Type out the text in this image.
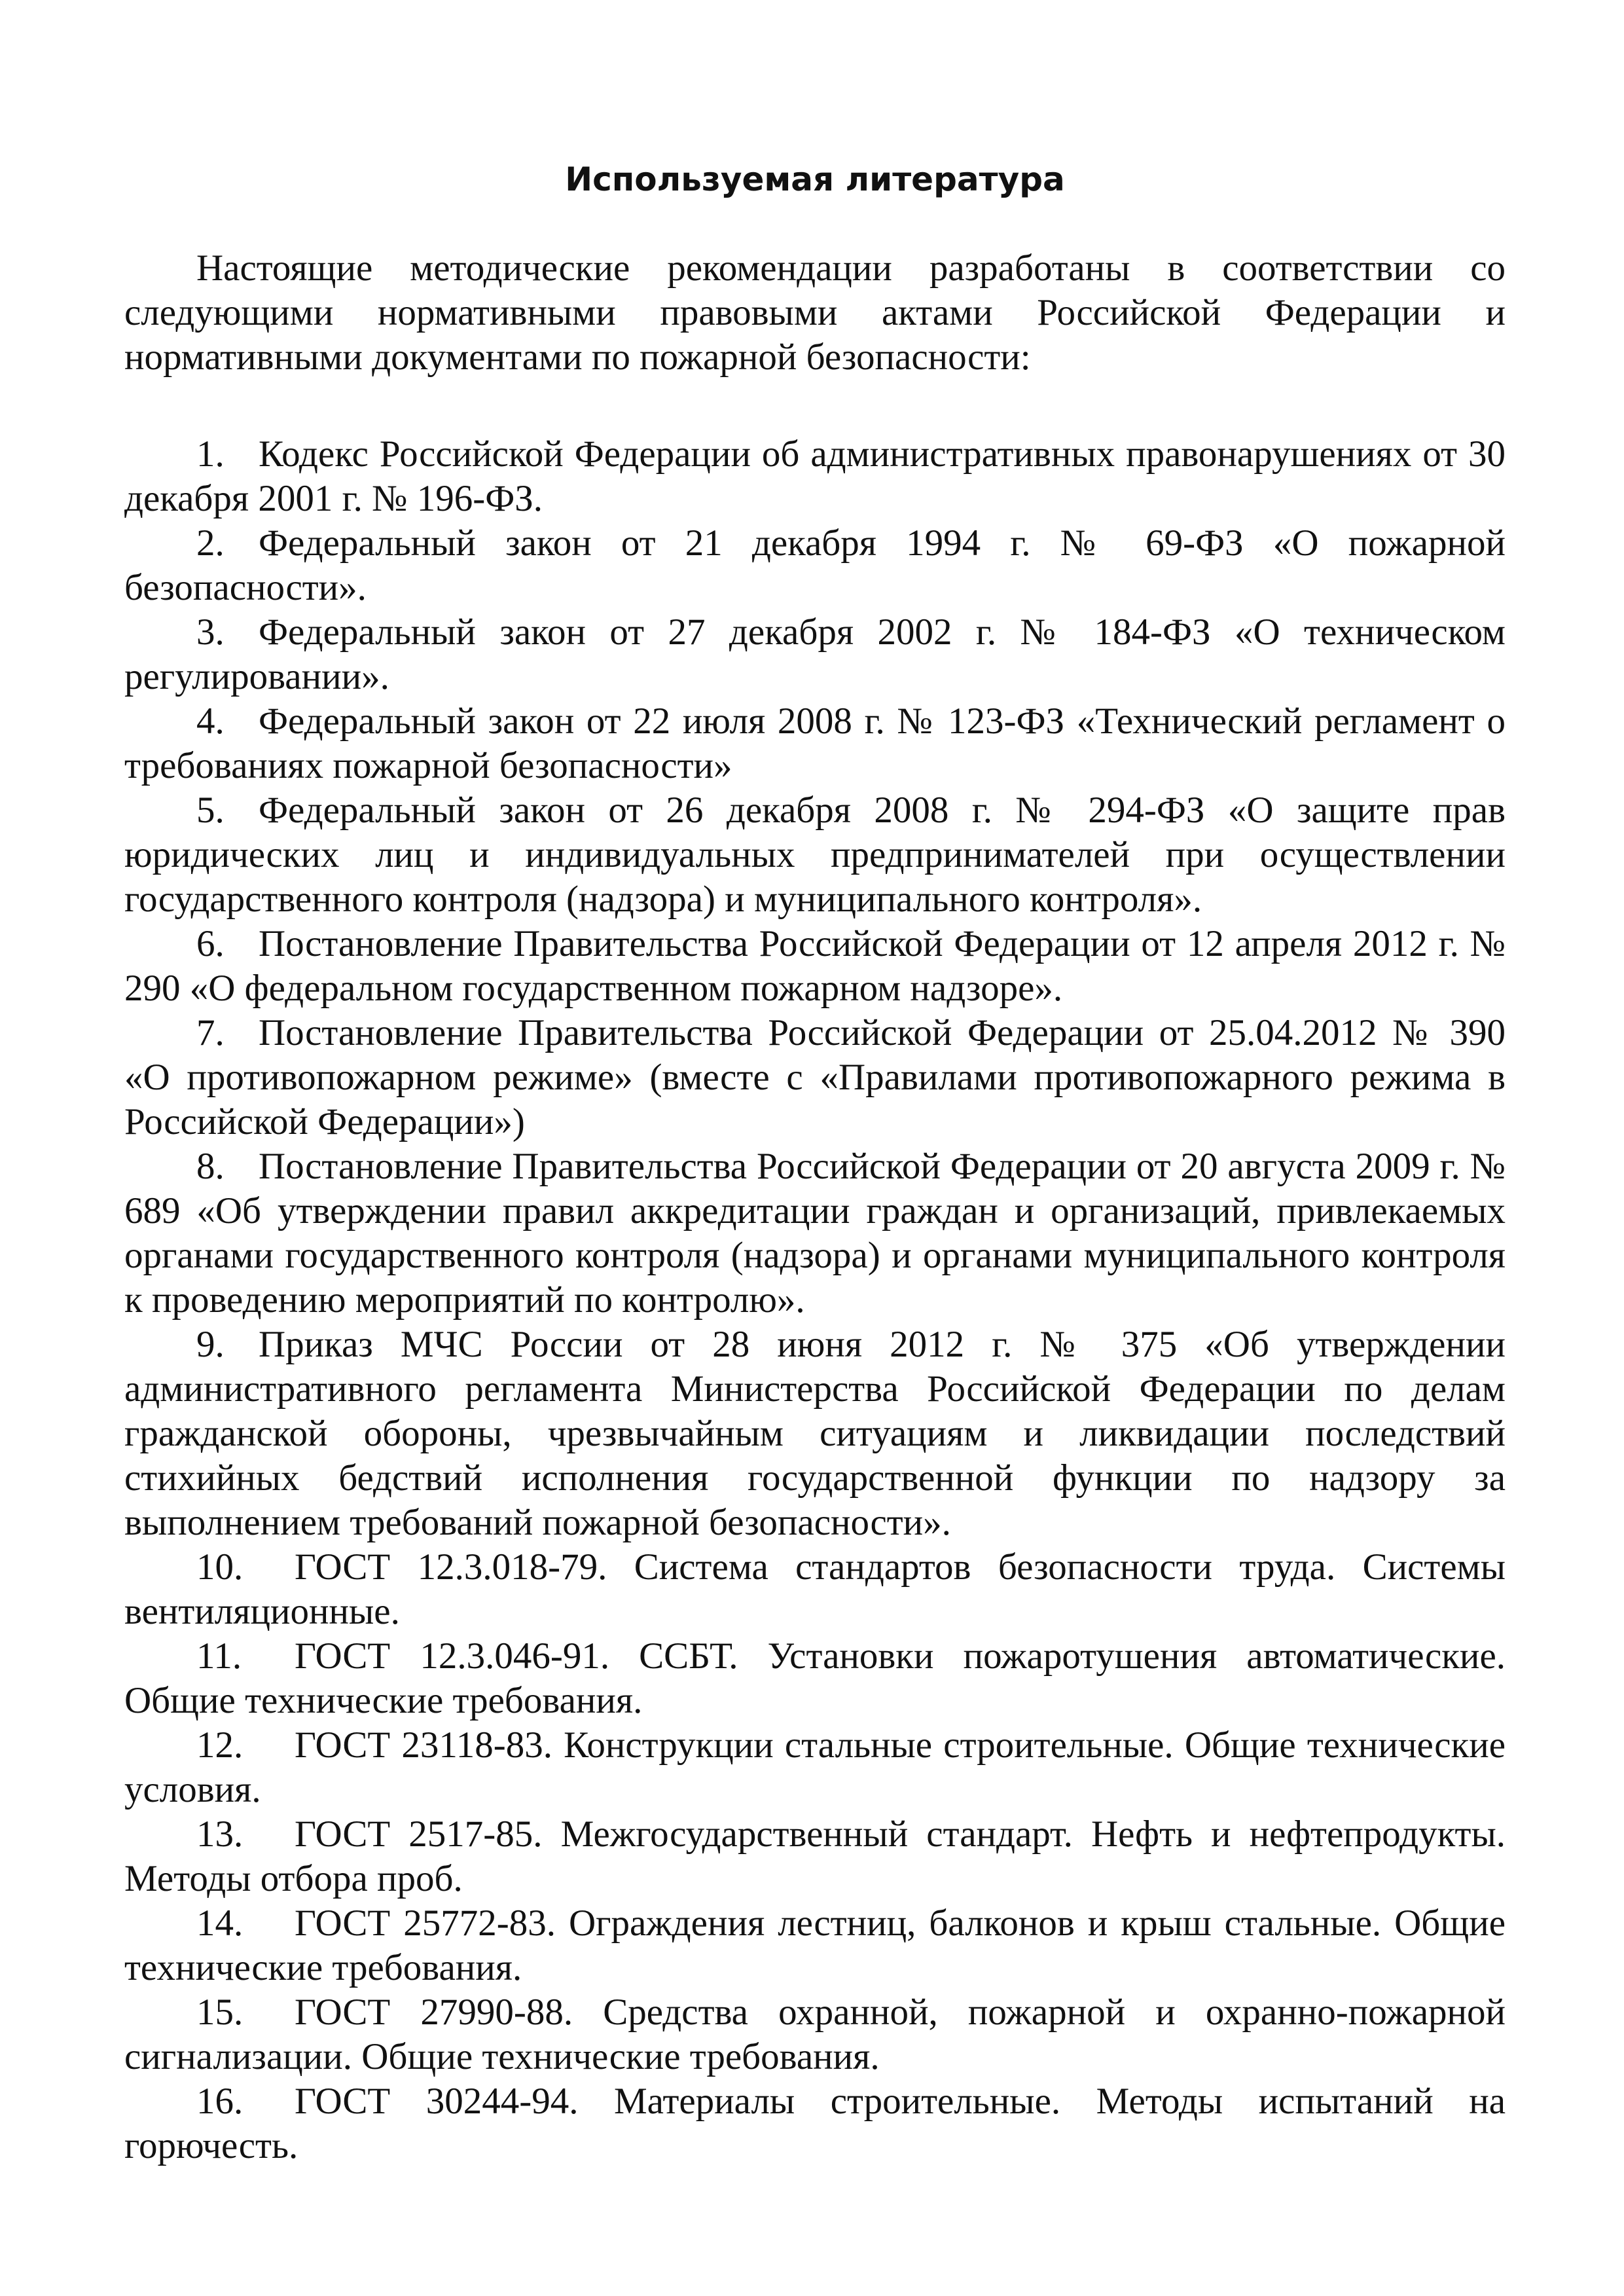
Используемая литература

Настоящие методические рекомендации разработаны в соответствии со следующими нормативными правовыми актами Российской Федерации и нормативными документами по пожарной безопасности:

1. Кодекс Российской Федерации об административных правонарушениях от 30 декабря 2001 г. № 196-ФЗ.
2. Федеральный закон от 21 декабря 1994 г. № 69-ФЗ «О пожарной безопасности».
3. Федеральный закон от 27 декабря 2002 г. № 184-ФЗ «О техническом регулировании».
4. Федеральный закон от 22 июля 2008 г. № 123-ФЗ «Технический регламент о требованиях пожарной безопасности»
5. Федеральный закон от 26 декабря 2008 г. № 294-ФЗ «О защите прав юридических лиц и индивидуальных предпринимателей при осуществлении государственного контроля (надзора) и муниципального контроля».
6. Постановление Правительства Российской Федерации от 12 апреля 2012 г. № 290 «О федеральном государственном пожарном надзоре».
7. Постановление Правительства Российской Федерации от 25.04.2012 № 390 «О противопожарном режиме» (вместе с «Правилами противопожарного режима в Российской Федерации»)
8. Постановление Правительства Российской Федерации от 20 августа 2009 г. № 689 «Об утверждении правил аккредитации граждан и организаций, привлекаемых органами государственного контроля (надзора) и органами муниципального контроля к проведению мероприятий по контролю».
9. Приказ МЧС России от 28 июня 2012 г. № 375 «Об утверждении административного регламента Министерства Российской Федерации по делам гражданской обороны, чрезвычайным ситуациям и ликвидации последствий стихийных бедствий исполнения государственной функции по надзору за выполнением требований пожарной безопасности».
10. ГОСТ 12.3.018-79. Система стандартов безопасности труда. Системы вентиляционные.
11. ГОСТ 12.3.046-91. ССБТ. Установки пожаротушения автоматические. Общие технические требования.
12. ГОСТ 23118-83. Конструкции стальные строительные. Общие технические условия.
13. ГОСТ 2517-85. Межгосударственный стандарт. Нефть и нефтепродукты. Методы отбора проб.
14. ГОСТ 25772-83. Ограждения лестниц, балконов и крыш стальные. Общие технические требования.
15. ГОСТ 27990-88. Средства охранной, пожарной и охранно-пожарной сигнализации. Общие технические требования.
16. ГОСТ 30244-94. Материалы строительные. Методы испытаний на горючесть.
